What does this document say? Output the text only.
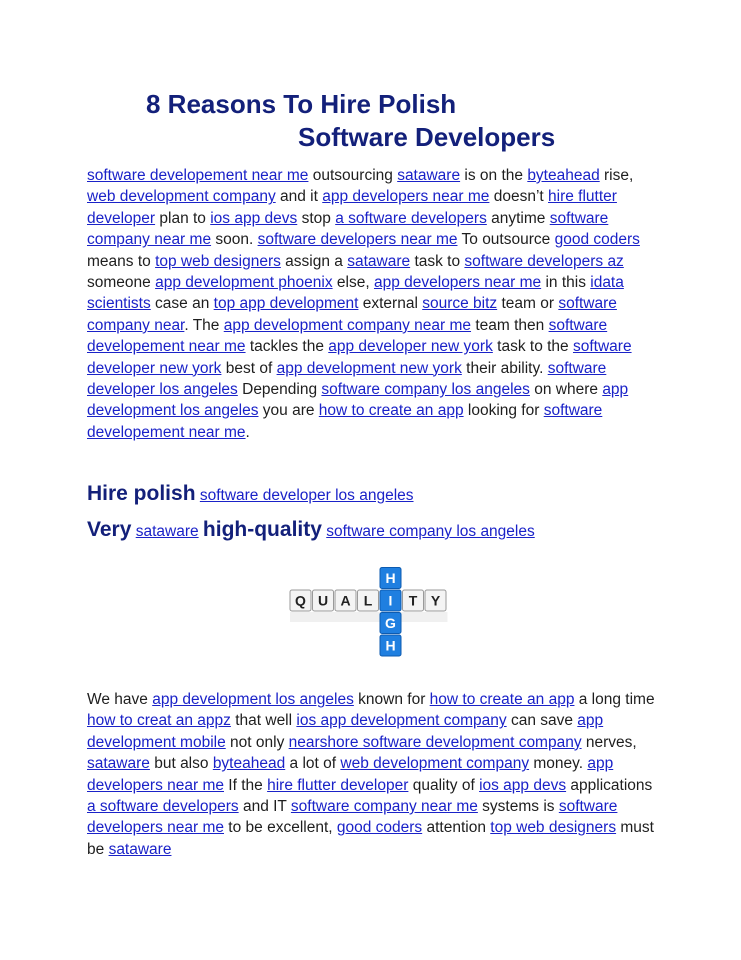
8 Reasons To Hire Polish
Software Developers

software developement near me outsourcing sataware is on the byteahead rise, web development company and it app developers near me doesn’t hire flutter developer plan to ios app devs stop a software developers anytime software company near me soon. software developers near me To outsource good coders means to top web designers assign a sataware task to software developers az someone app development phoenix else, app developers near me in this idata scientists case an top app development external source bitz team or software company near. The app development company near me team then software developement near me tackles the app developer new york task to the software developer new york best of app development new york their ability. software developer los angeles Depending software company los angeles on where app development los angeles you are how to create an app looking for software developement near me.

Hire polish software developer los angeles
Very sataware high-quality software company los angeles
Q U A L I T Y
H
G
H

We have app development los angeles known for how to create an app a long time how to creat an appz that well ios app development company can save app development mobile not only nearshore software development company nerves, sataware but also byteahead a lot of web development company money. app developers near me If the hire flutter developer quality of ios app devs applications a software developers and IT software company near me systems is software developers near me to be excellent, good coders attention top web designers must be sataware
